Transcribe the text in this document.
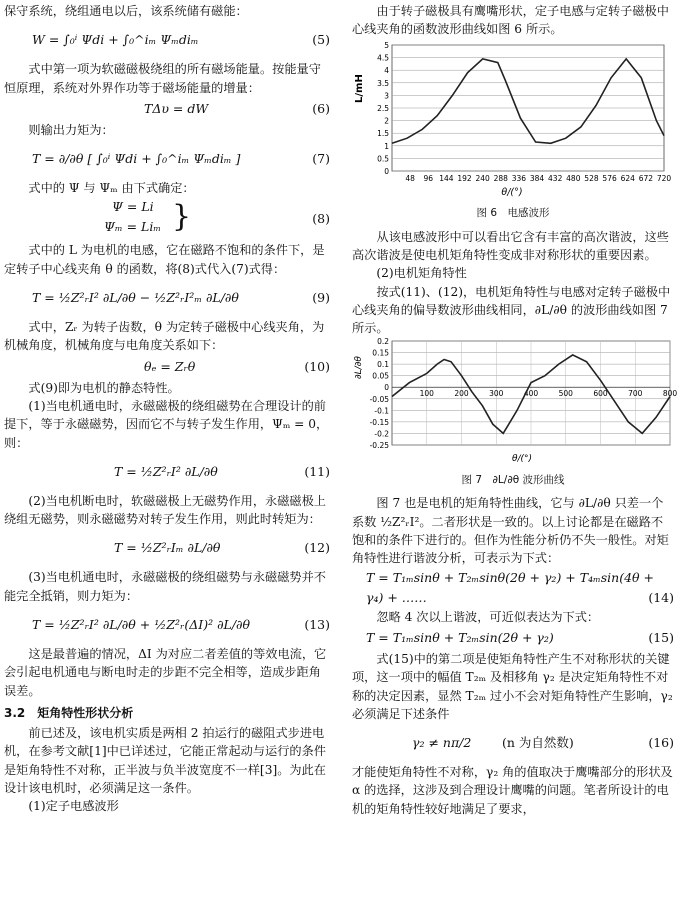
保守系统，绕组通电以后，该系统储有磁能：

W = ∫₀ⁱ Ψdi + ∫₀^iₘ Ψₘdiₘ	(5)

式中第一项为软磁磁极绕组的所有磁场能量。按能量守恒原理，系统对外界作功等于磁场能量的增量：

TΔυ = dW	(6)

则输出力矩为：

T = ∂/∂θ [ ∫₀ⁱ Ψdi + ∫₀^iₘ Ψₘdiₘ ]	(7)

式中的 Ψ 与 Ψₘ 由下式确定：

Ψ = Li
Ψₘ = Liₘ }	(8)

式中的 L 为电机的电感，它在磁路不饱和的条件下，是定转子中心线夹角 θ 的函数，将(8)式代入(7)式得：

T = ½Z²ᵣI² ∂L/∂θ − ½Z²ᵣI²ₘ ∂L/∂θ	(9)

式中，Zᵣ 为转子齿数，θ 为定转子磁极中心线夹角，为机械角度，机械角度与电角度关系如下：

θₑ = Zᵣθ	(10)

式(9)即为电机的静态特性。

(1)当电机通电时，永磁磁极的绕组磁势在合理设计的前提下，等于永磁磁势，因而它不与转子发生作用，Ψₘ = 0，则：

T = ½Z²ᵣI² ∂L/∂θ	(11)

(2)当电机断电时，软磁磁极上无磁势作用，永磁磁极上绕组无磁势，则永磁磁势对转子发生作用，则此时转矩为：

T = ½Z²ᵣIₘ ∂L/∂θ	(12)

(3)当电机通电时，永磁磁极的绕组磁势与永磁磁势并不能完全抵销，则力矩为：

T = ½Z²ᵣI² ∂L/∂θ + ½Z²ᵣ(ΔI)² ∂L/∂θ	(13)

这是最普遍的情况，ΔI 为对应二者差值的等效电流，它会引起电机通电与断电时走的步距不完全相等，造成步距角误差。

3.2　矩角特性形状分析

前已述及，该电机实质是两相 2 拍运行的磁阻式步进电机，在参考文献[1]中已详述过，它能正常起动与运行的条件是矩角特性不对称，正半波与负半波宽度不一样[3]。为此在设计该电机时，必须满足这一条件。

(1)定子电感波形

由于转子磁极具有鹰嘴形状，定子电感与定转子磁极中心线夹角的函数波形曲线如图 6 所示。

0
0.5
1
1.5
2
2.5
3
3.5
4
4.5
5
48 96 144 192 240 288 336 384 432 480 528 576 624 672 720
L/mH
θ/(°)

图 6　电感波形

从该电感波形中可以看出它含有丰富的高次谐波，这些高次谐波是使电机矩角特性变成非对称形状的重要因素。

(2)电机矩角特性

按式(11)、(12)，电机矩角特性与电感对定转子磁极中心线夹角的偏导数波形曲线相同，∂L/∂θ 的波形曲线如图 7 所示。

-0.25
-0.2
-0.15
-0.1
-0.05
0
0.05
0.1
0.15
0.2
100	200	300	400	500	600	700	800
∂L/∂θ
θ/(°)

图 7　∂L/∂θ 波形曲线

图 7 也是电机的矩角特性曲线，它与 ∂L/∂θ 只差一个系数 ½Z²ᵣI²。二者形状是一致的。以上讨论都是在磁路不饱和的条件下进行的。但作为性能分析仍不失一般性。对矩角特性进行谐波分析，可表示为下式：

T = T₁ₘsinθ + T₂ₘsinθ(2θ + γ₂) + T₄ₘsin(4θ + γ₄) + ……	(14)

忽略 4 次以上谐波，可近似表达为下式：

T = T₁ₘsinθ + T₂ₘsin(2θ + γ₂)	(15)

式(15)中的第二项是使矩角特性产生不对称形状的关键项，这一项中的幅值 T₂ₘ 及相移角 γ₂ 是决定矩角特性不对称的决定因素，显然 T₂ₘ 过小不会对矩角特性产生影响，γ₂ 必须满足下述条件

γ₂ ≠ nπ/2 (n 为自然数)	(16)

才能使矩角特性不对称，γ₂ 角的值取决于鹰嘴部分的形状及 α 的选择，这涉及到合理设计鹰嘴的问题。笔者所设计的电机的矩角特性较好地满足了要求，
